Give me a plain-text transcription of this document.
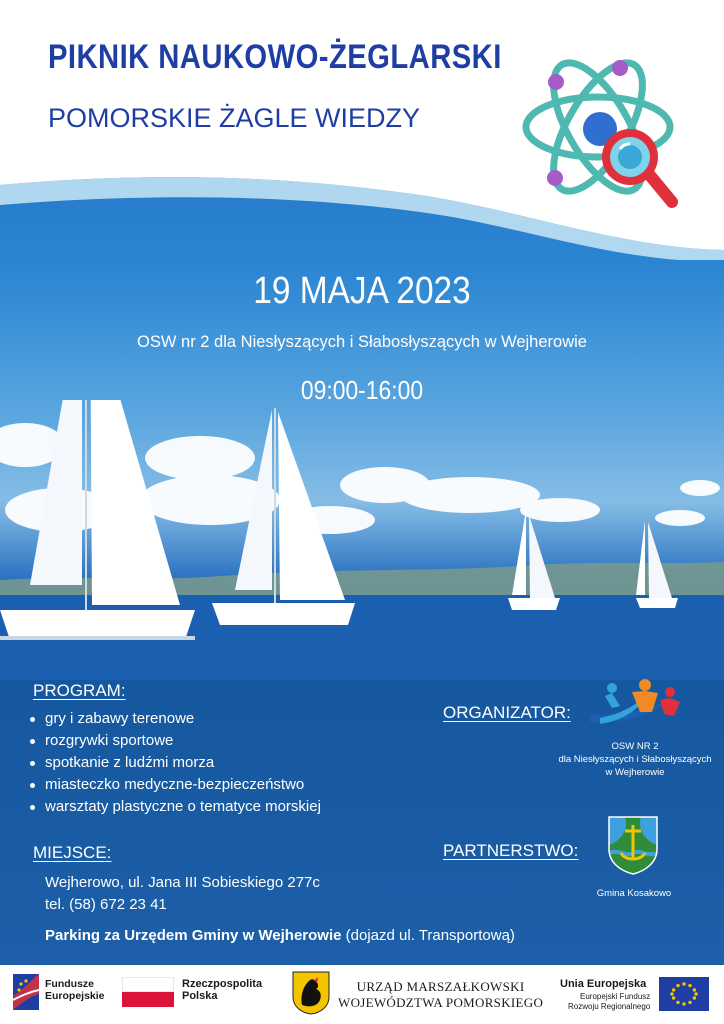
PIKNIK NAUKOWO-ŻEGLARSKI
POMORSKIE ŻAGLE WIEDZY
19 MAJA 2023
OSW nr 2 dla Niesłyszących i Słabosłyszących w Wejherowie
09:00-16:00
PROGRAM:
gry i zabawy terenowe
rozgrywki sportowe
spotkanie z ludźmi morza
miasteczko medyczne-bezpieczeństwo
warsztaty plastyczne o tematyce morskiej
MIEJSCE:
Wejherowo, ul. Jana III Sobieskiego 277c
tel. (58) 672 23 41
Parking za Urzędem Gminy w Wejherowie (dojazd ul. Transportową)
ORGANIZATOR:
OSW NR 2
dla Niesłyszących i Słabosłyszących
w Wejherowie
PARTNERSTWO:
Gmina Kosakowo
Fundusze
Europejskie
Rzeczpospolita
Polska
URZĄD MARSZAŁKOWSKI
WOJEWÓDZTWA POMORSKIEGO
Unia Europejska
Europejski Fundusz
Rozwoju Regionalnego
